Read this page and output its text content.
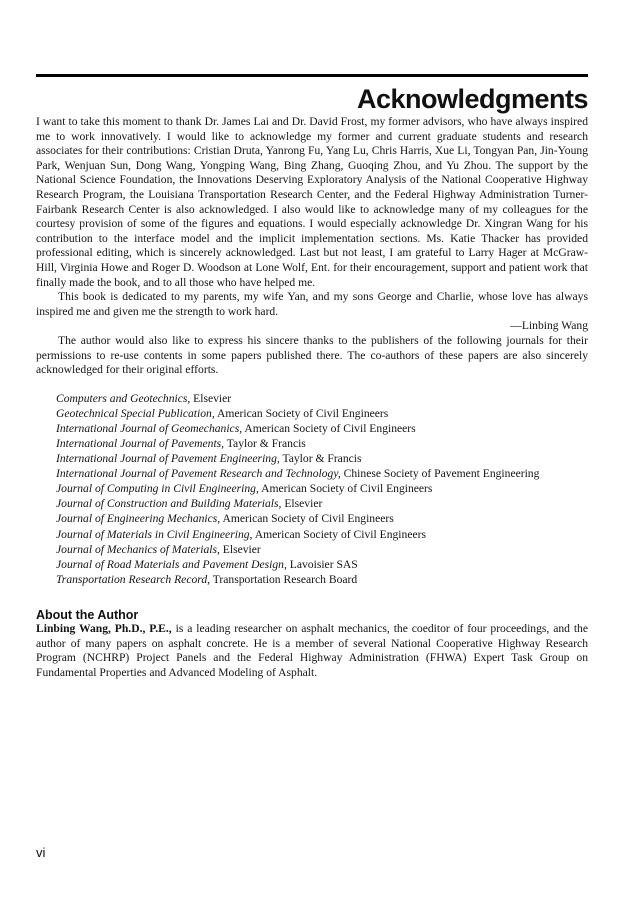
Acknowledgments

I want to take this moment to thank Dr. James Lai and Dr. David Frost, my former advisors, who have always inspired me to work innovatively. I would like to acknowledge my former and current graduate students and research associates for their contributions: Cristian Druta, Yanrong Fu, Yang Lu, Chris Harris, Xue Li, Tongyan Pan, Jin-Young Park, Wenjuan Sun, Dong Wang, Yongping Wang, Bing Zhang, Guoqing Zhou, and Yu Zhou. The support by the National Science Foundation, the Innovations Deserving Exploratory Analysis of the National Cooperative Highway Research Program, the Louisiana Transportation Research Center, and the Federal Highway Administration Turner-Fairbank Research Center is also acknowledged. I also would like to acknowledge many of my colleagues for the courtesy provision of some of the figures and equations. I would especially acknowledge Dr. Xingran Wang for his contribution to the interface model and the implicit implementation sections. Ms. Katie Thacker has provided professional editing, which is sincerely acknowledged. Last but not least, I am grateful to Larry Hager at McGraw-Hill, Virginia Howe and Roger D. Woodson at Lone Wolf, Ent. for their encouragement, support and patient work that finally made the book, and to all those who have helped me.

This book is dedicated to my parents, my wife Yan, and my sons George and Charlie, whose love has always inspired me and given me the strength to work hard.

—Linbing Wang

The author would also like to express his sincere thanks to the publishers of the following journals for their permissions to re-use contents in some papers published there. The co-authors of these papers are also sincerely acknowledged for their original efforts.

Computers and Geotechnics, Elsevier

Geotechnical Special Publication, American Society of Civil Engineers

International Journal of Geomechanics, American Society of Civil Engineers

International Journal of Pavements, Taylor & Francis

International Journal of Pavement Engineering, Taylor & Francis

International Journal of Pavement Research and Technology, Chinese Society of Pavement Engineering

Journal of Computing in Civil Engineering, American Society of Civil Engineers

Journal of Construction and Building Materials, Elsevier

Journal of Engineering Mechanics, American Society of Civil Engineers

Journal of Materials in Civil Engineering, American Society of Civil Engineers

Journal of Mechanics of Materials, Elsevier

Journal of Road Materials and Pavement Design, Lavoisier SAS

Transportation Research Record, Transportation Research Board

About the Author

Linbing Wang, Ph.D., P.E., is a leading researcher on asphalt mechanics, the coeditor of four proceedings, and the author of many papers on asphalt concrete. He is a member of several National Cooperative Highway Research Program (NCHRP) Project Panels and the Federal Highway Administration (FHWA) Expert Task Group on Fundamental Properties and Advanced Modeling of Asphalt.

vi
